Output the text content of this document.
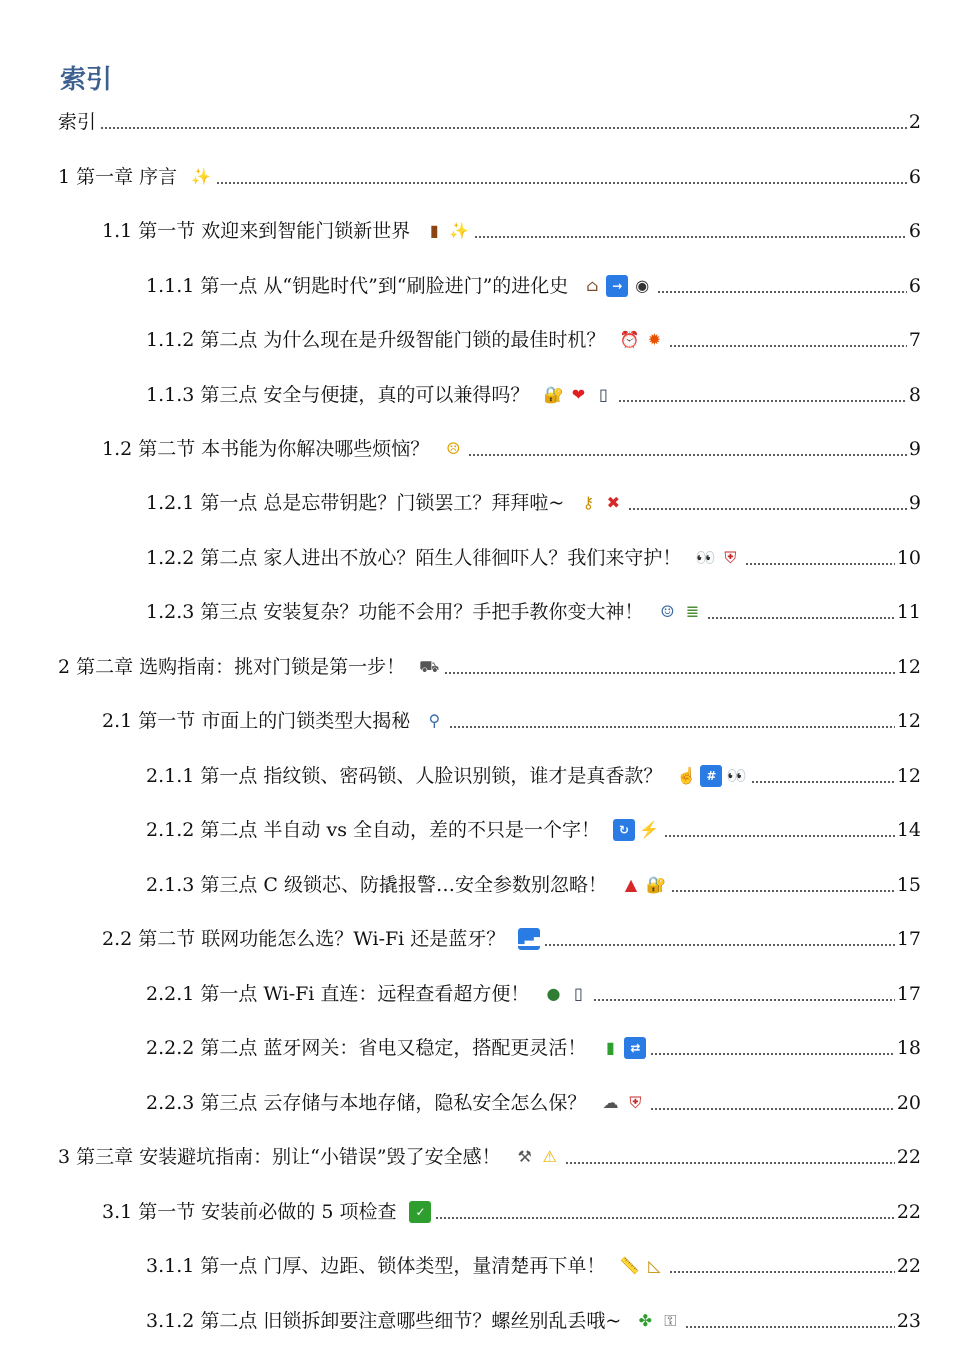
索引
索引	2
1 第一章 序言 ✨	6
1.1 第一节 欢迎来到智能门锁新世界	▮ ✨	6
1.1.1 第一点 从“钥匙时代”到“刷脸进门”的进化史	⌂	→ ◉	6
1.1.2 第二点 为什么现在是升级智能门锁的最佳时机？ ⏰ ✹	7
1.1.3 第三点 安全与便捷，真的可以兼得吗？ 🔐 ❤ ▯	8
1.2 第二节 本书能为你解决哪些烦恼？ ☹	9
1.2.1 第一点 总是忘带钥匙？门锁罢工？拜拜啦~	⚷ ✖	9
1.2.2 第二点 家人进出不放心？陌生人徘徊吓人？我们来守护！ 👀 ⛨	10
1.2.3 第三点 安装复杂？功能不会用？手把手教你变大神！ ☺ ≣	11
2 第二章 选购指南：挑对门锁是第一步！ ⛟	12
2.1 第一节 市面上的门锁类型大揭秘	⚲	12
2.1.1 第一点 指纹锁、密码锁、人脸识别锁，谁才是真香款？ ☝ # 👀	12
2.1.2 第二点 半自动 vs 全自动，差的不只是一个字！	↻ ⚡	14
2.1.3 第三点 C 级锁芯、防撬报警…安全参数别忽略！	▲ 🔐	15
2.2 第二节 联网功能怎么选？Wi-Fi 还是蓝牙？ ▁▃▅	17
2.2.1 第一点 Wi-Fi 直连：远程查看超方便！ ● ▯	17
2.2.2 第二点 蓝牙网关：省电又稳定，搭配更灵活！	▮	⇄	18
2.2.3 第三点 云存储与本地存储，隐私安全怎么保？ ☁ ⛨	20
3 第三章 安装避坑指南：别让“小错误”毁了安全感！ ⚒ ⚠	22
3.1 第一节 安装前必做的 5 项检查	✓	22
3.1.1 第一点 门厚、边距、锁体类型，量清楚再下单！ 📏 ◺	22
3.1.2 第二点 旧锁拆卸要注意哪些细节？螺丝别乱丢哦~ ✤ ⚿	23
